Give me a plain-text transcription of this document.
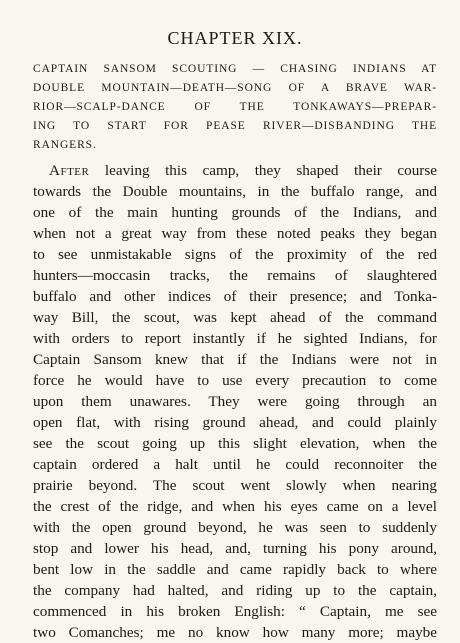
CHAPTER XIX.
CAPTAIN SANSOM SCOUTING — CHASING INDIANS AT
DOUBLE MOUNTAIN—DEATH—SONG OF A BRAVE WAR-
RIOR—SCALP-DANCE OF THE TONKAWAYS—PREPAR-
ING TO START FOR PEASE RIVER—DISBANDING THE
RANGERS.
After leaving this camp, they shaped their course
towards the Double mountains, in the buffalo range, and
one of the main hunting grounds of the Indians, and
when not a great way from these noted peaks they began
to see unmistakable signs of the proximity of the red
hunters—moccasin tracks, the remains of slaughtered
buffalo and other indices of their presence; and Tonka-
way Bill, the scout, was kept ahead of the command
with orders to report instantly if he sighted Indians, for
Captain Sansom knew that if the Indians were not in
force he would have to use every precaution to come
upon them unawares. They were going through an
open flat, with rising ground ahead, and could plainly
see the scout going up this slight elevation, when the
captain ordered a halt until he could reconnoiter the
prairie beyond. The scout went slowly when nearing
the crest of the ridge, and when his eyes came on a level
with the open ground beyond, he was seen to suddenly
stop and lower his head, and, turning his pony around,
bent low in the saddle and came rapidly back to where
the company had halted, and riding up to the captain,
commenced in his broken English: “ Captain, me see
two Comanches; me no know how many more; maybe
